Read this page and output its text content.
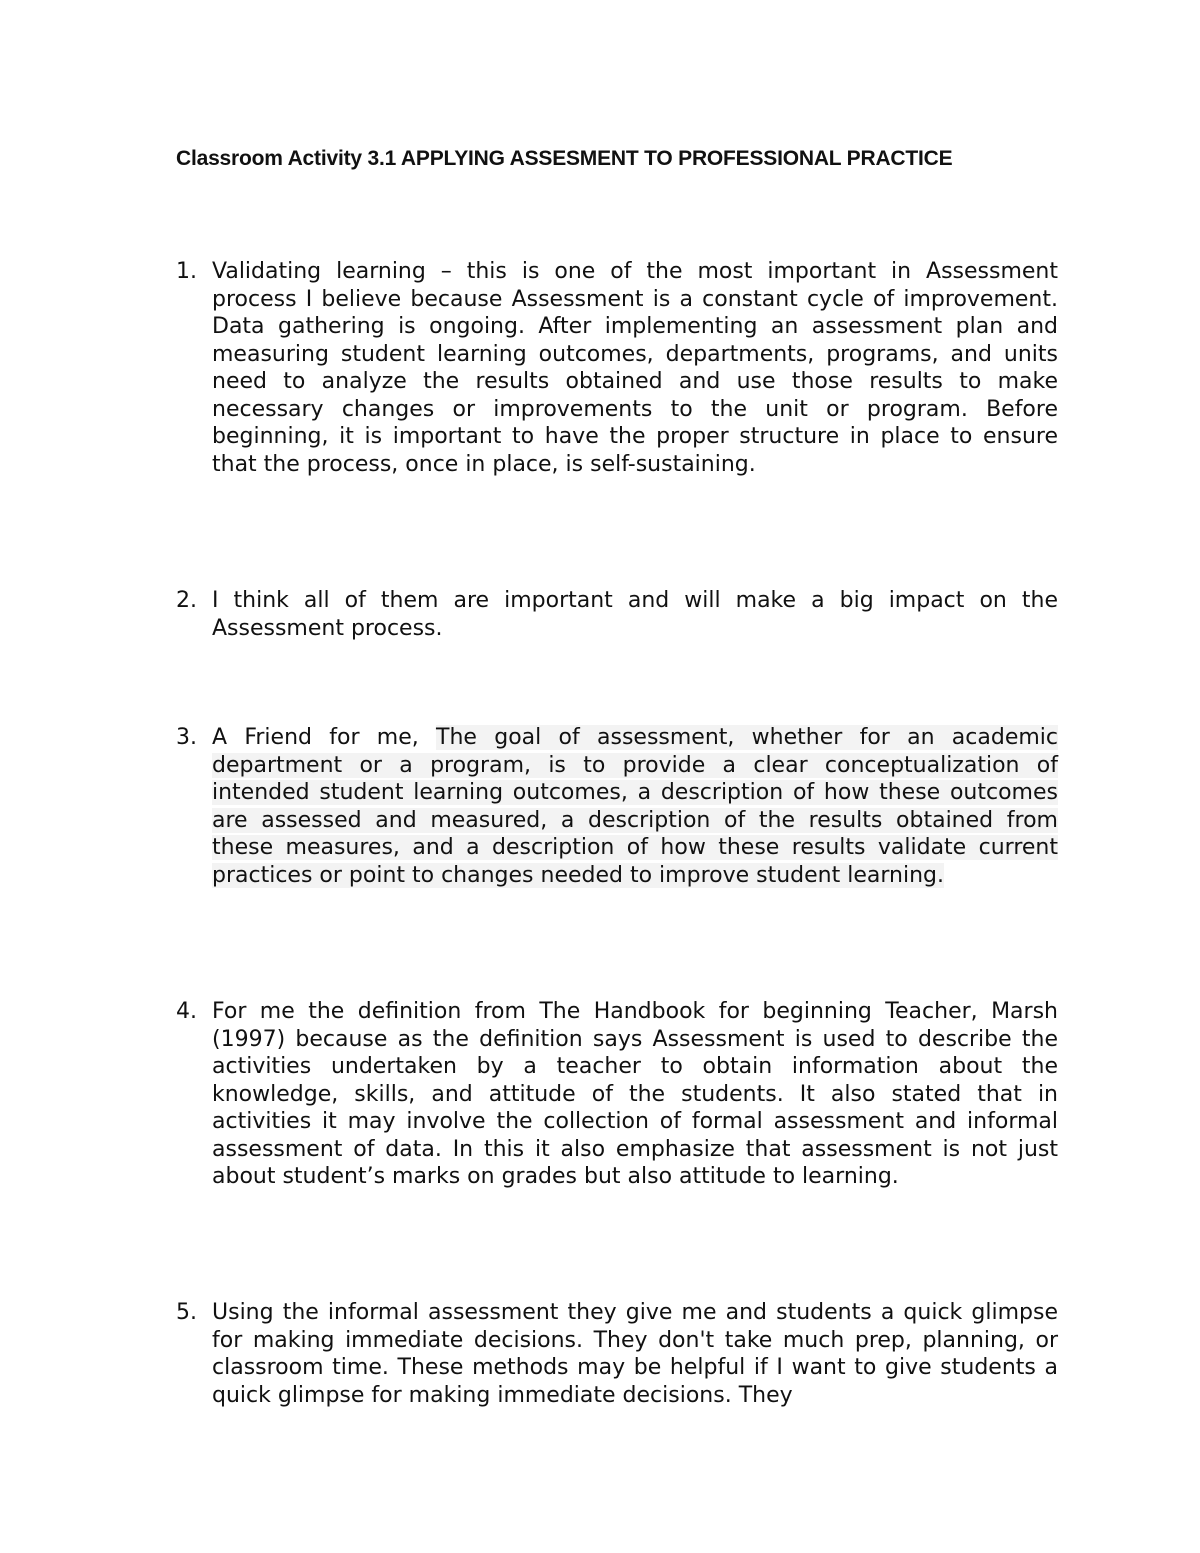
Classroom Activity 3.1 APPLYING ASSESMENT TO PROFESSIONAL PRACTICE
1. Validating learning – this is one of the most important in Assessment process I believe because Assessment is a constant cycle of improvement. Data gathering is ongoing. After implementing an assessment plan and measuring student learning outcomes, departments, programs, and units need to analyze the results obtained and use those results to make necessary changes or improvements to the unit or program. Before beginning, it is important to have the proper structure in place to ensure that the process, once in place, is self-sustaining.
2. I think all of them are important and will make a big impact on the Assessment process.
3. A Friend for me, The goal of assessment, whether for an academic department or a program, is to provide a clear conceptualization of intended student learning outcomes, a description of how these outcomes are assessed and measured, a description of the results obtained from these measures, and a description of how these results validate current practices or point to changes needed to improve student learning.
4. For me the definition from The Handbook for beginning Teacher, Marsh (1997) because as the definition says Assessment is used to describe the activities undertaken by a teacher to obtain information about the knowledge, skills, and attitude of the students. It also stated that in activities it may involve the collection of formal assessment and informal assessment of data. In this it also emphasize that assessment is not just about student’s marks on grades but also attitude to learning.
5. Using the informal assessment they give me and students a quick glimpse for making immediate decisions. They don't take much prep, planning, or classroom time. These methods may be helpful if I want to give students a quick glimpse for making immediate decisions. They
